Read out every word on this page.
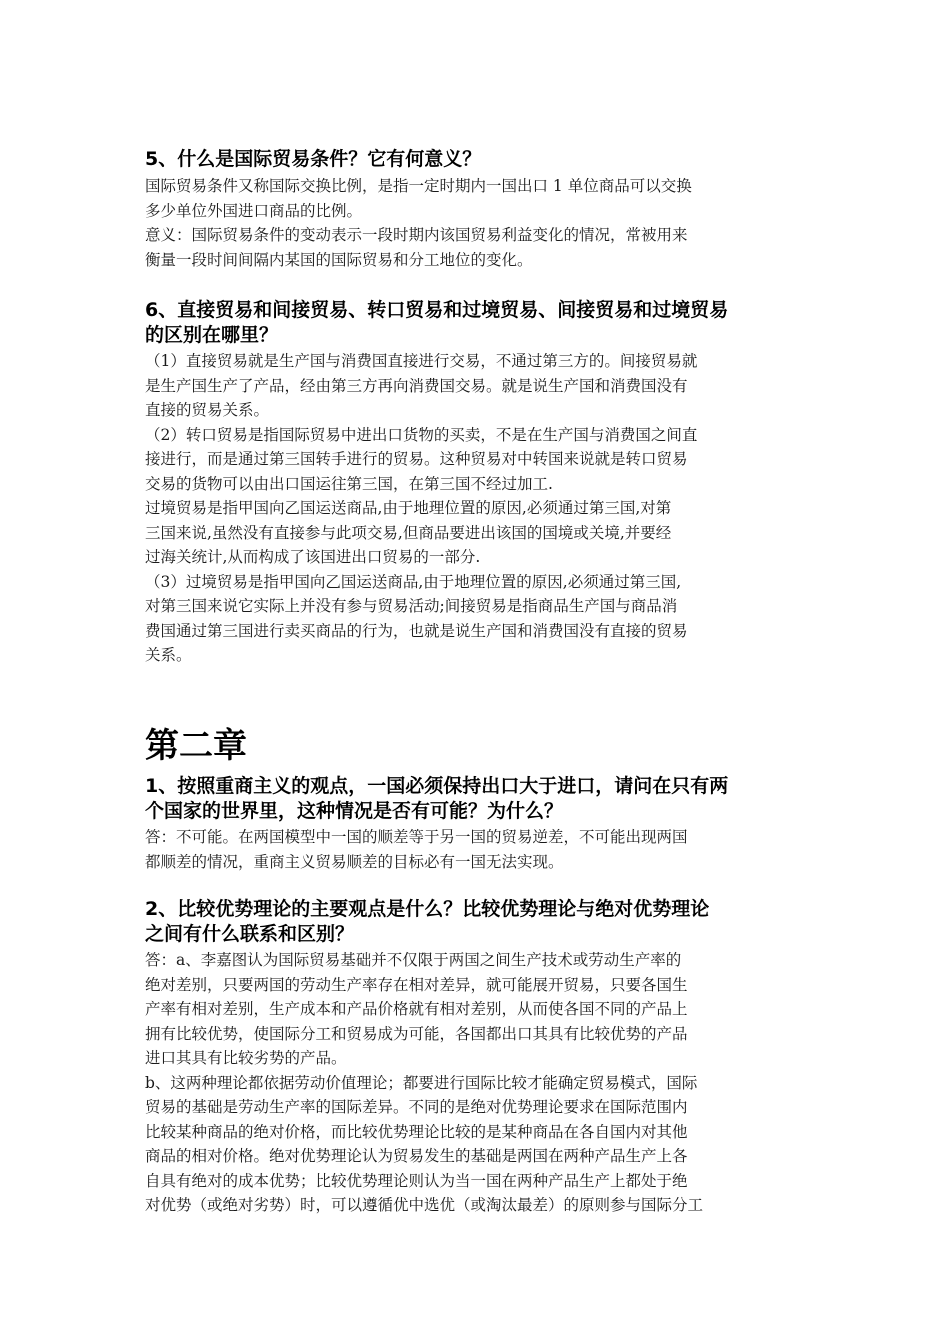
5、什么是国际贸易条件？它有何意义？

国际贸易条件又称国际交换比例，是指一定时期内一国出口 1 单位商品可以交换

多少单位外国进口商品的比例。

意义：国际贸易条件的变动表示一段时期内该国贸易利益变化的情况，常被用来

衡量一段时间间隔内某国的国际贸易和分工地位的变化。

6、直接贸易和间接贸易、转口贸易和过境贸易、间接贸易和过境贸易

的区别在哪里？

（1）直接贸易就是生产国与消费国直接进行交易，不通过第三方的。间接贸易就

是生产国生产了产品，经由第三方再向消费国交易。就是说生产国和消费国没有

直接的贸易关系。

（2）转口贸易是指国际贸易中进出口货物的买卖，不是在生产国与消费国之间直

接进行，而是通过第三国转手进行的贸易。这种贸易对中转国来说就是转口贸易

交易的货物可以由出口国运往第三国，在第三国不经过加工.

过境贸易是指甲国向乙国运送商品,由于地理位置的原因,必须通过第三国,对第

三国来说,虽然没有直接参与此项交易,但商品要进出该国的国境或关境,并要经

过海关统计,从而构成了该国进出口贸易的一部分.

（3）过境贸易是指甲国向乙国运送商品,由于地理位置的原因,必须通过第三国,

对第三国来说它实际上并没有参与贸易活动;间接贸易是指商品生产国与商品消

费国通过第三国进行卖买商品的行为，也就是说生产国和消费国没有直接的贸易

关系。

第二章

1、按照重商主义的观点，一国必须保持出口大于进口，请问在只有两

个国家的世界里，这种情况是否有可能？为什么？

答：不可能。在两国模型中一国的顺差等于另一国的贸易逆差，不可能出现两国

都顺差的情况，重商主义贸易顺差的目标必有一国无法实现。

2、比较优势理论的主要观点是什么？比较优势理论与绝对优势理论

之间有什么联系和区别？

答：a、李嘉图认为国际贸易基础并不仅限于两国之间生产技术或劳动生产率的

绝对差别，只要两国的劳动生产率存在相对差异，就可能展开贸易，只要各国生

产率有相对差别，生产成本和产品价格就有相对差别，从而使各国不同的产品上

拥有比较优势，使国际分工和贸易成为可能，各国都出口其具有比较优势的产品

进口其具有比较劣势的产品。

b、这两种理论都依据劳动价值理论；都要进行国际比较才能确定贸易模式，国际

贸易的基础是劳动生产率的国际差异。不同的是绝对优势理论要求在国际范围内

比较某种商品的绝对价格，而比较优势理论比较的是某种商品在各自国内对其他

商品的相对价格。绝对优势理论认为贸易发生的基础是两国在两种产品生产上各

自具有绝对的成本优势；比较优势理论则认为当一国在两种产品生产上都处于绝

对优势（或绝对劣势）时，可以遵循优中选优（或淘汰最差）的原则参与国际分工
